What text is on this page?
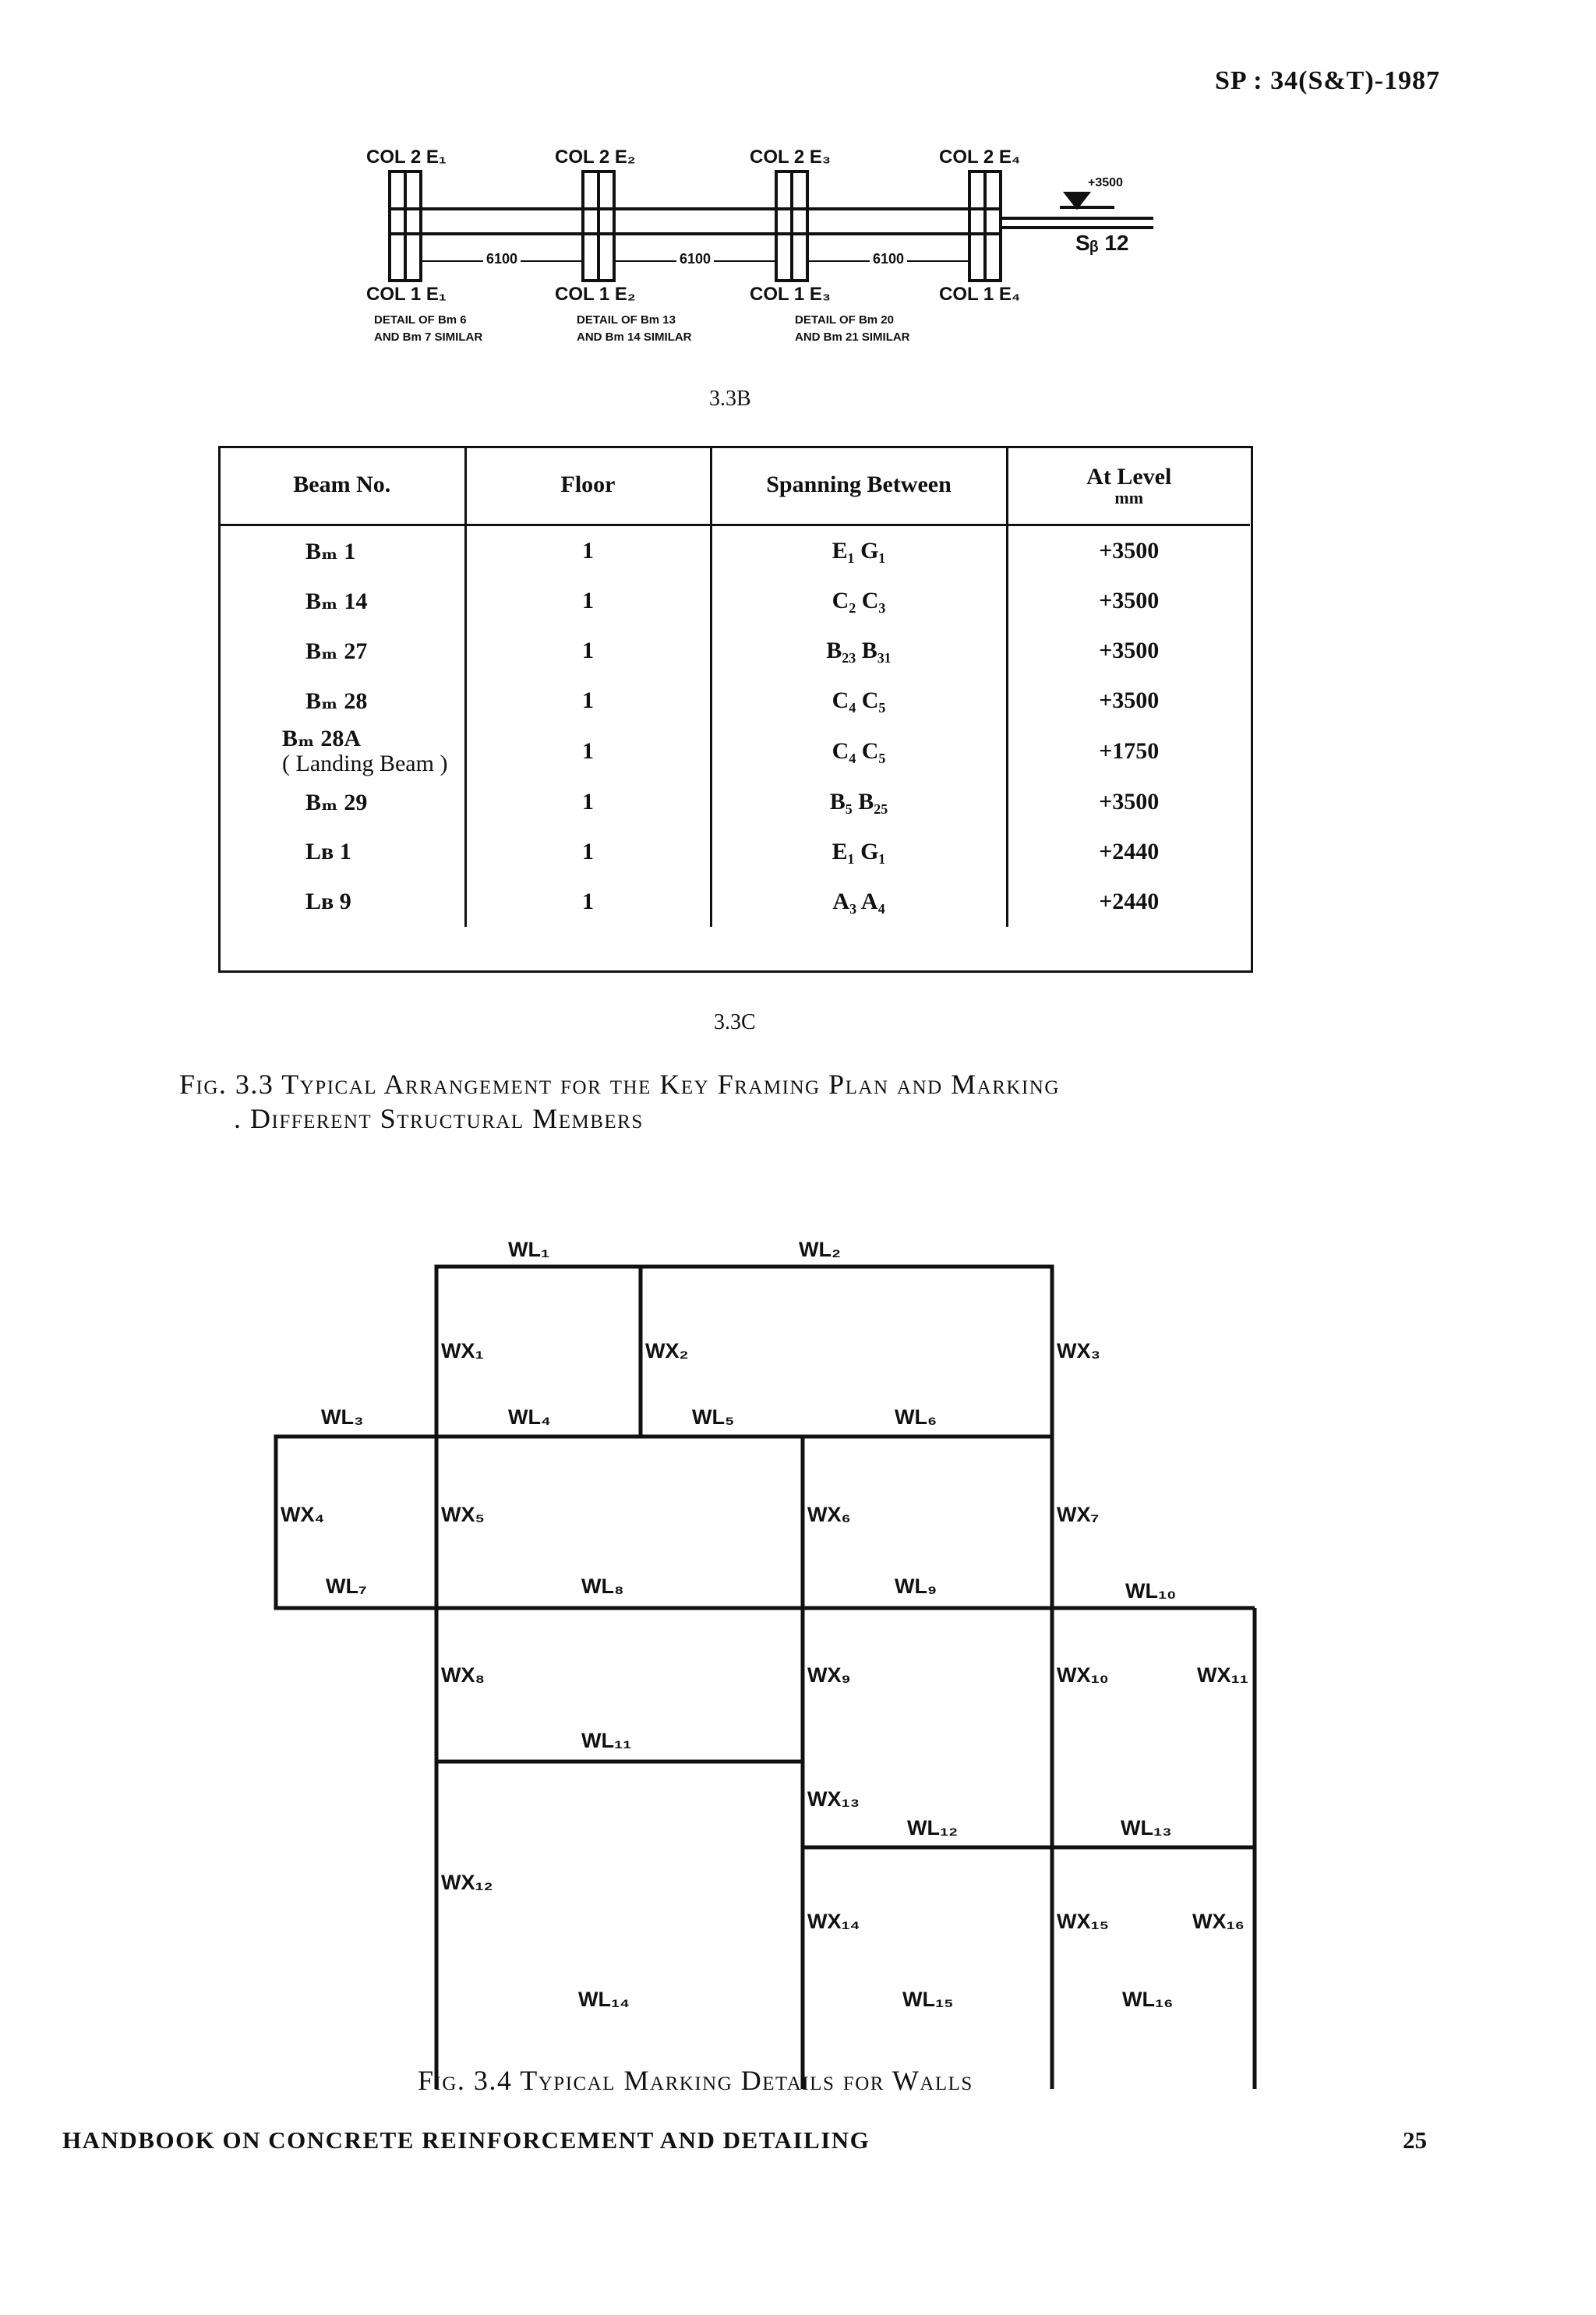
SP : 34(S&T)-1987
COL 2 E₁	COL 2 E₂	COL 2 E₃	COL 2 E₄
6100	6100	6100
+3500
Sᵦ 12
COL 1 E₁	COL 1 E₂	COL 1 E₃	COL 1 E₄
DETAIL OF Bm 6
AND Bm 7 SIMILAR
DETAIL OF Bm 13
AND Bm 14 SIMILAR
DETAIL OF Bm 20
AND Bm 21 SIMILAR
3.3B
Beam No.	Floor	Spanning Between	At Level
mm

Bₘ 1	1	E₁ G₁	+3500
Bₘ 14	1	C₂ C₃	+3500
Bₘ 27	1	B₂₃ B₃₁	+3500
Bₘ 28	1	C₄ C₅	+3500

Bₘ 28A
( Landing Beam )	1	C₄ C₅	+1750
Bₘ 29	1	B₅ B₂₅	+3500
Lʙ 1	1	E₁ G₁	+2440
Lʙ 9	1	A₃ A₄	+2440
3.3C
Fig. 3.3 Typical Arrangement for the Key Framing Plan and Marking
. Different Structural Members
WL₁	WL₂
WX₁	WX₂	WX₃
WL₃	WL₄	WL₅	WL₆
WX₄	WX₅	WX₆	WX₇
WL₇	WL₈	WL₉	WL₁₀
WX₈	WX₉	WX₁₀	WX₁₁
WL₁₁
WX₁₃
WL₁₂	WL₁₃
WX₁₂
WX₁₄	WX₁₅	WX₁₆
WL₁₄	WL₁₅	WL₁₆
Fig. 3.4 Typical Marking Details for Walls
HANDBOOK ON CONCRETE REINFORCEMENT AND DETAILING	25
